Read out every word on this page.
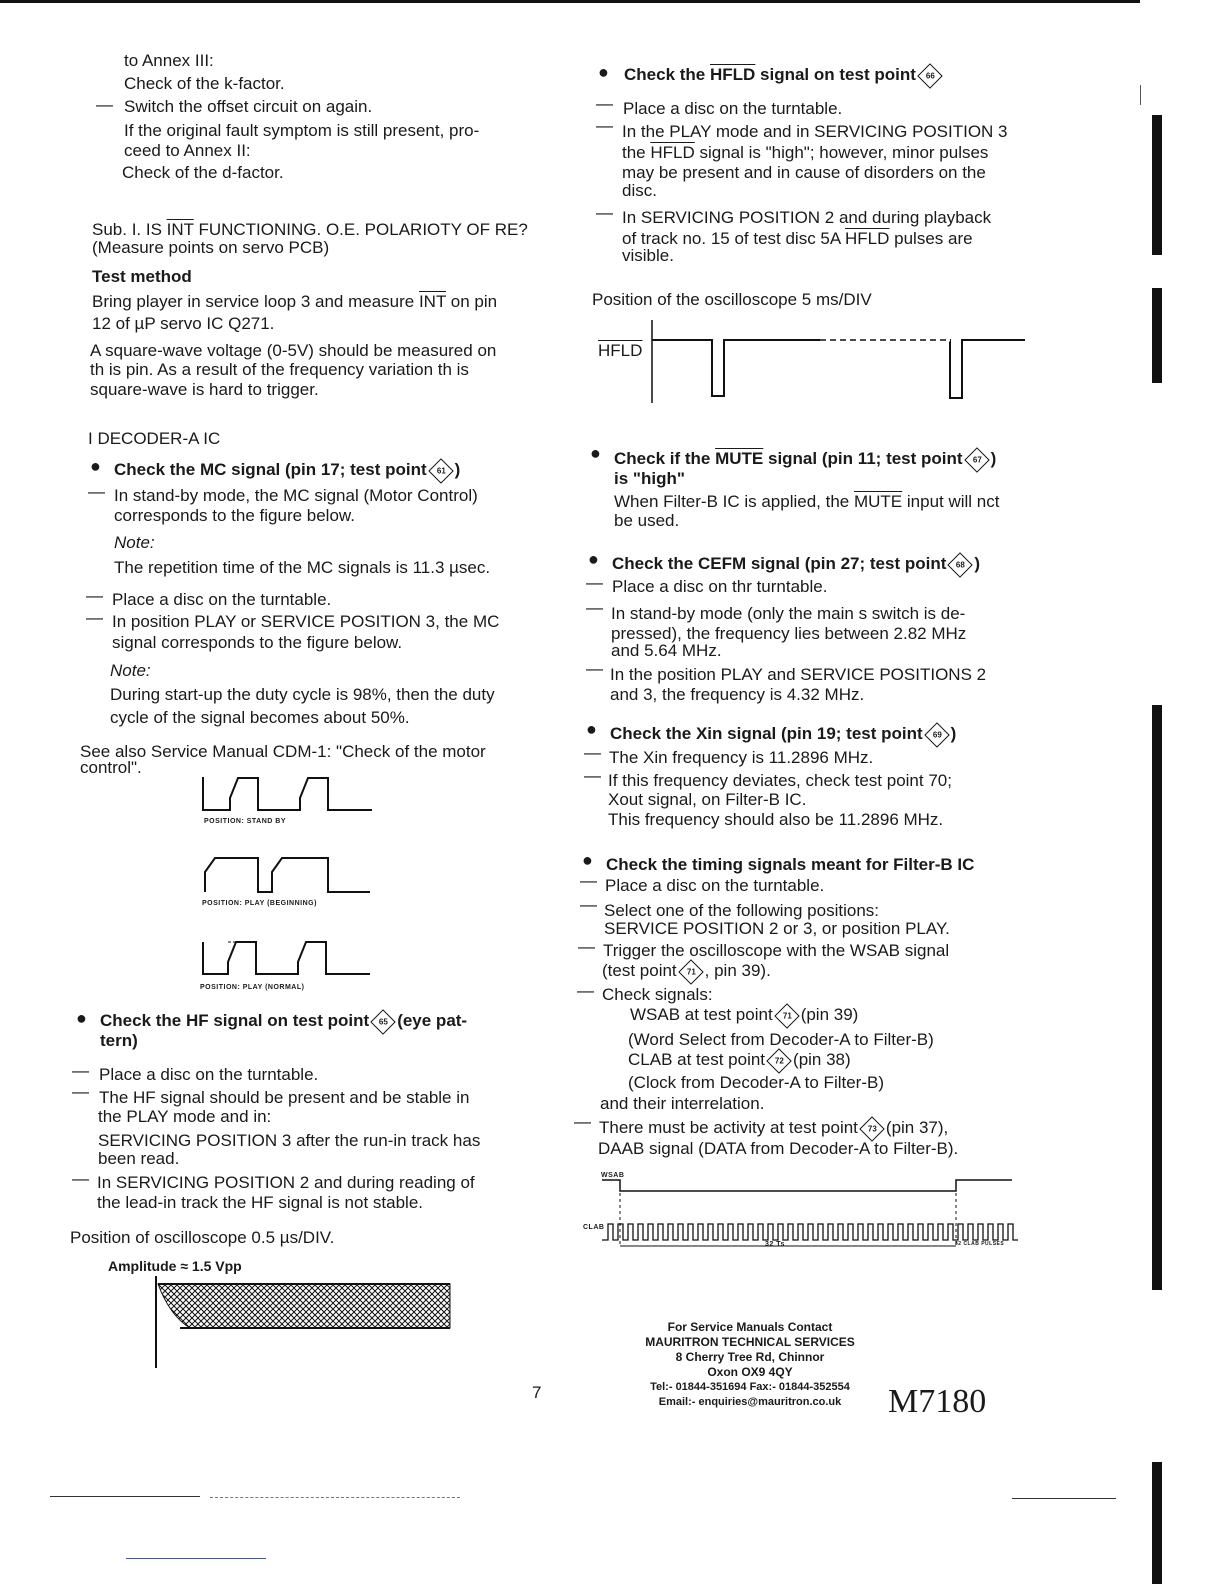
to Annex III:
Check of the k-factor.
— Switch the offset circuit on again.
If the original fault symptom is still present, pro-
ceed to Annex II:
Check of the d-factor.
Sub. I. IS $\overline{INT}$ FUNCTIONING. O.E. POLARIOTY OF RE?
(Measure points on servo PCB)
Test method
Bring player in service loop 3 and measure $\overline{INT}$ on pin
12 of µP servo IC Q271.
A square-wave voltage (0-5V) should be measured on
th is pin. As a result of the frequency variation th is
square-wave is hard to trigger.
I DECODER-A IC
● Check the MC signal (pin 17; test point 61 )
— In stand-by mode, the MC signal (Motor Control)
corresponds to the figure below.
Note:
The repetition time of the MC signals is 11.3 µsec.
— Place a disc on the turntable.
— In position PLAY or SERVICE POSITION 3, the MC
signal corresponds to the figure below.
Note:
During start-up the duty cycle is 98%, then the duty
cycle of the signal becomes about 50%.
See also Service Manual CDM-1: "Check of the motor
control".
POSITION: STAND BY
POSITION: PLAY (BEGINNING)
POSITION: PLAY (NORMAL)
● Check the HF signal on test point 65 (eye pat-
tern)
— Place a disc on the turntable.
— The HF signal should be present and be stable in
the PLAY mode and in:
SERVICING POSITION 3 after the run-in track has
been read.
— In SERVICING POSITION 2 and during reading of
the lead-in track the HF signal is not stable.
Position of oscilloscope 0.5 µs/DIV.
Amplitude ≈ 1.5 Vpp
● Check the HFLD signal on test point 66
— Place a disc on the turntable.
— In the PLAY mode and in SERVICING POSITION 3
the HFLD signal is "high"; however, minor pulses
may be present and in cause of disorders on the
disc.
— In SERVICING POSITION 2 and during playback
of track no. 15 of test disc 5A HFLD pulses are
visible.
Position of the oscilloscope 5 ms/DIV
HFLD
● Check if the MUTE signal (pin 11; test point 67 )
is "high"
When Filter-B IC is applied, the MUTE input will nct
be used.
● Check the CEFM signal (pin 27; test point 68 )
— Place a disc on thr turntable.
— In stand-by mode (only the main s switch is de-
pressed), the frequency lies between 2.82 MHz
and 5.64 MHz.
— In the position PLAY and SERVICE POSITIONS 2
and 3, the frequency is 4.32 MHz.
● Check the Xin signal (pin 19; test point 69 )
— The Xin frequency is 11.2896 MHz.
— If this frequency deviates, check test point 70;
Xout signal, on Filter-B IC.
This frequency should also be 11.2896 MHz.
● Check the timing signals meant for Filter-B IC
— Place a disc on the turntable.
— Select one of the following positions:
SERVICE POSITION 2 or 3, or position PLAY.
— Trigger the oscilloscope with the WSAB signal
(test point 71 , pin 39).
— Check signals:
WSAB at test point 71 (pin 39)
(Word Select from Decoder-A to Filter-B)
CLAB at test point 72 (pin 38)
(Clock from Decoder-A to Filter-B)
and their interrelation.
— There must be activity at test point 73 (pin 37),
DAAB signal (DATA from Decoder-A to Filter-B).
WSAB
CLAB
32 Ts	32 CLAB PULSES
For Service Manuals Contact
MAURITRON TECHNICAL SERVICES
8 Cherry Tree Rd, Chinnor
Oxon OX9 4QY
Tel:- 01844-351694 Fax:- 01844-352554
Email:- enquiries@mauritron.co.uk
7	M7180
